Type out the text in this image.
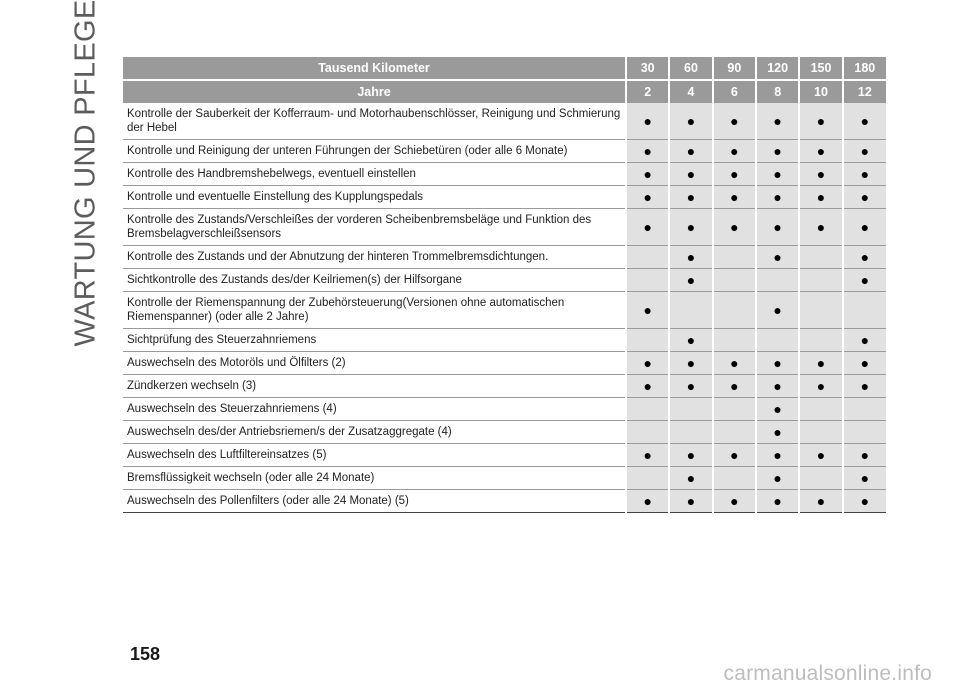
WARTUNG UND PFLEGE	Tausend Kilometer	30	60	90	120	150	180
Jahre	2	4	6	8	10	12
Kontrolle der Sauberkeit der Kofferraum- und Motorhaubenschlösser, Reinigung und Schmierung der Hebel	●	●	●	●	●	●
Kontrolle und Reinigung der unteren Führungen der Schiebetüren (oder alle 6 Monate)	●	●	●	●	●	●
Kontrolle des Handbremshebelwegs, eventuell einstellen	●	●	●	●	●	●
Kontrolle und eventuelle Einstellung des Kupplungspedals	●	●	●	●	●	●
Kontrolle des Zustands/Verschleißes der vorderen Scheibenbremsbeläge und Funktion des Bremsbelagverschleißsensors	●	●	●	●	●	●
Kontrolle des Zustands und der Abnutzung der hinteren Trommelbremsdichtungen.		●		●		●
Sichtkontrolle des Zustands des/der Keilriemen(s) der Hilfsorgane		●				●
Kontrolle der Riemenspannung der Zubehörsteuerung(Versionen ohne automatischen Riemenspanner) (oder alle 2 Jahre)	●			●		
Sichtprüfung des Steuerzahnriemens		●				●
Auswechseln des Motoröls und Ölfilters (2)	●	●	●	●	●	●
Zündkerzen wechseln (3)	●	●	●	●	●	●
Auswechseln des Steuerzahnriemens (4)				●		
Auswechseln des/der Antriebsriemen/s der Zusatzaggregate (4)				●		
Auswechseln des Luftfiltereinsatzes (5)	●	●	●	●	●	●
Bremsflüssigkeit wechseln (oder alle 24 Monate)		●		●		●
Auswechseln des Pollenfilters (oder alle 24 Monate) (5)	●	●	●	●	●	●
158
carmanualsonline.info
